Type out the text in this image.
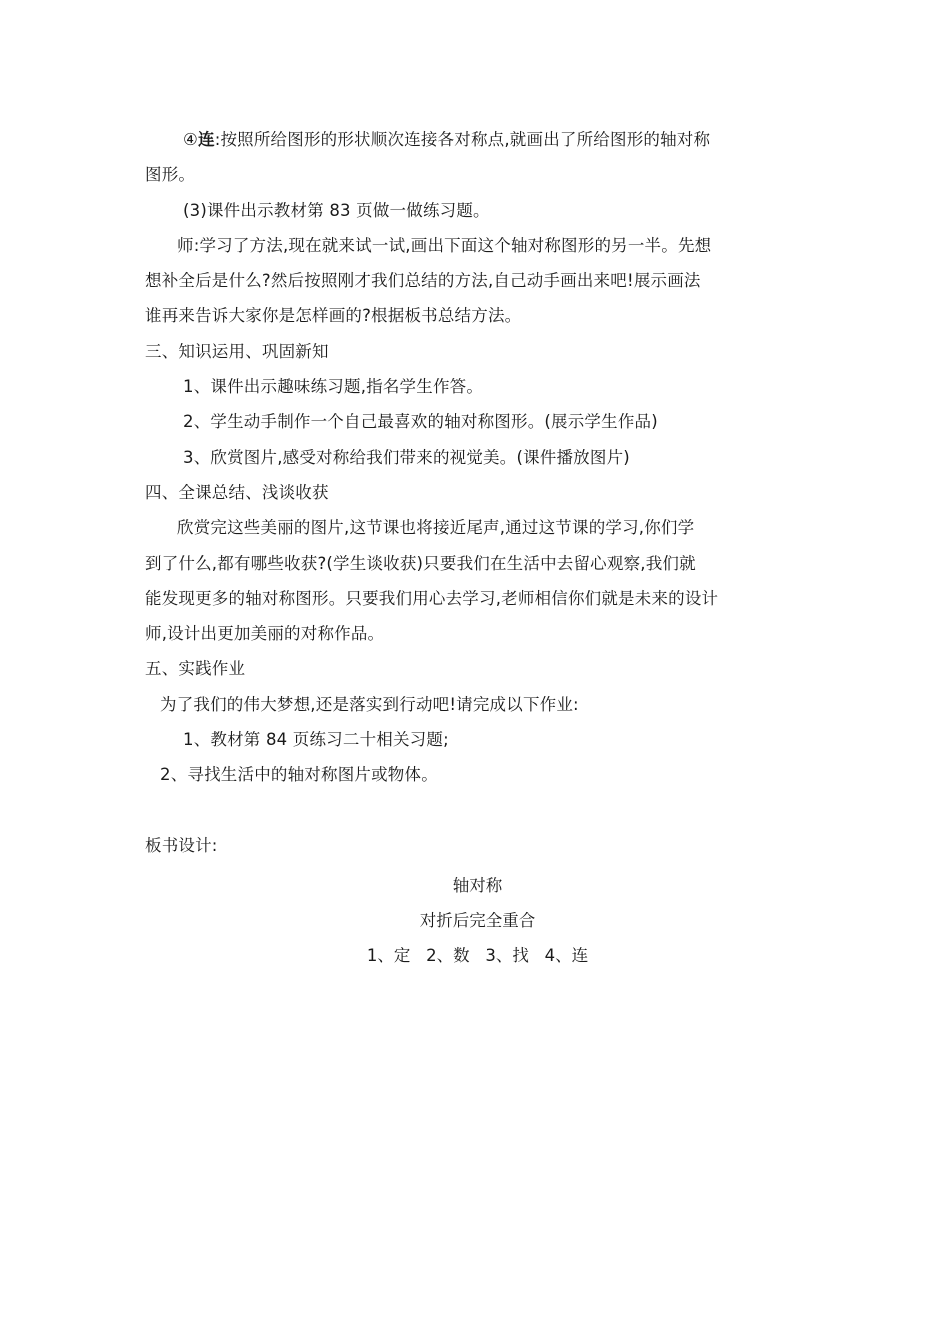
④连:按照所给图形的形状顺次连接各对称点,就画出了所给图形的轴对称
图形。
(3)课件出示教材第 83 页做一做练习题。
师:学习了方法,现在就来试一试,画出下面这个轴对称图形的另一半。先想
想补全后是什么?然后按照刚才我们总结的方法,自己动手画出来吧!展示画法
谁再来告诉大家你是怎样画的?根据板书总结方法。
三、知识运用、巩固新知
1、课件出示趣味练习题,指名学生作答。
2、学生动手制作一个自己最喜欢的轴对称图形。(展示学生作品)
3、欣赏图片,感受对称给我们带来的视觉美。(课件播放图片)
四、全课总结、浅谈收获
欣赏完这些美丽的图片,这节课也将接近尾声,通过这节课的学习,你们学
到了什么,都有哪些收获?(学生谈收获)只要我们在生活中去留心观察,我们就
能发现更多的轴对称图形。只要我们用心去学习,老师相信你们就是未来的设计
师,设计出更加美丽的对称作品。
五、实践作业
为了我们的伟大梦想,还是落实到行动吧!请完成以下作业:
1、教材第 84 页练习二十相关习题;
2、寻找生活中的轴对称图片或物体。
板书设计:
轴对称
对折后完全重合
1、定   2、数   3、找   4、连
